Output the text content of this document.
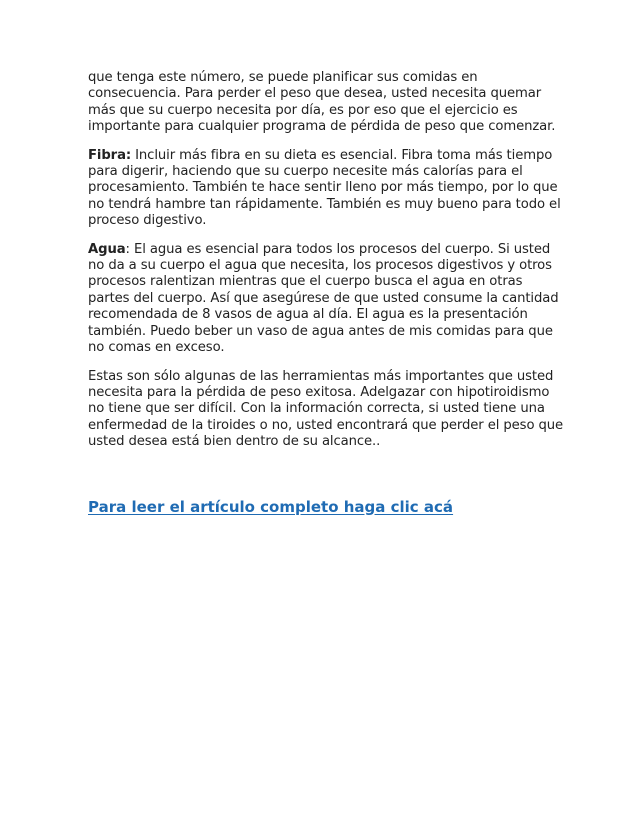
que tenga este número, se puede planificar sus comidas en
consecuencia. Para perder el peso que desea, usted necesita quemar
más que su cuerpo necesita por día, es por eso que el ejercicio es
importante para cualquier programa de pérdida de peso que comenzar.

Fibra: Incluir más fibra en su dieta es esencial. Fibra toma más tiempo
para digerir, haciendo que su cuerpo necesite más calorías para el
procesamiento. También te hace sentir lleno por más tiempo, por lo que
no tendrá hambre tan rápidamente. También es muy bueno para todo el
proceso digestivo.

Agua: El agua es esencial para todos los procesos del cuerpo. Si usted
no da a su cuerpo el agua que necesita, los procesos digestivos y otros
procesos ralentizan mientras que el cuerpo busca el agua en otras
partes del cuerpo. Así que asegúrese de que usted consume la cantidad
recomendada de 8 vasos de agua al día. El agua es la presentación
también. Puedo beber un vaso de agua antes de mis comidas para que
no comas en exceso.

Estas son sólo algunas de las herramientas más importantes que usted
necesita para la pérdida de peso exitosa. Adelgazar con hipotiroidismo
no tiene que ser difícil. Con la información correcta, si usted tiene una
enfermedad de la tiroides o no, usted encontrará que perder el peso que
usted desea está bien dentro de su alcance..

Para leer el artículo completo haga clic acá
